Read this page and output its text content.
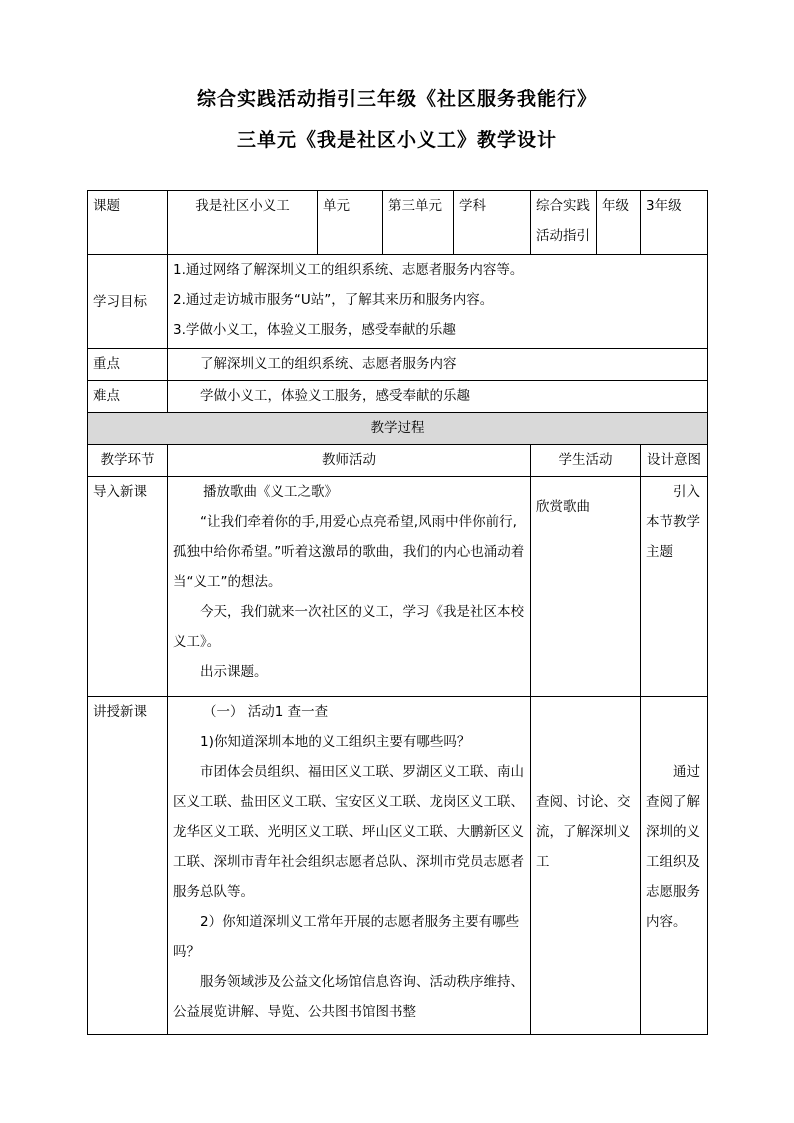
综合实践活动指引三年级《社区服务我能行》
三单元《我是社区小义工》教学设计
课题	我是社区小义工	单元	第三单元	学科	综合实践活动指引	年级	3年级
学习目标	1.通过网络了解深圳义工的组织系统、志愿者服务内容等。

2.通过走访城市服务“U站”，了解其来历和服务内容。

3.学做小义工，体验义工服务，感受奉献的乐趣						

重点	了解深圳义工的组织系统、志愿者服务内容						
难点	学做小义工，体验义工服务，感受奉献的乐趣						
教学过程							
教学环节	教师活动				学生活动		设计意图
导入新课	播放歌曲《义工之歌》

“让我们牵着你的手,用爱心点亮希望,风雨中伴你前行,孤独中给你希望。”听着这激昂的歌曲，我们的内心也涌动着当“义工”的想法。

今天，我们就来一次社区的义工，学习《我是社区本校义工》。

出示课题。				欣赏歌曲		引入本节教学主题
讲授新课	（一） 活动1 查一查

1)你知道深圳本地的义工组织主要有哪些吗？

市团体会员组织、福田区义工联、罗湖区义工联、南山区义工联、盐田区义工联、宝安区义工联、龙岗区义工联、龙华区义工联、光明区义工联、坪山区义工联、大鹏新区义工联、深圳市青年社会组织志愿者总队、深圳市党员志愿者服务总队等。

2）你知道深圳义工常年开展的志愿者服务主要有哪些吗？

服务领域涉及公益文化场馆信息咨询、活动秩序维持、公益展览讲解、导览、公共图书馆图书整				查阅、讨论、交流，了解深圳义工		通过查阅了解深圳的义工组织及志愿服务内容。
